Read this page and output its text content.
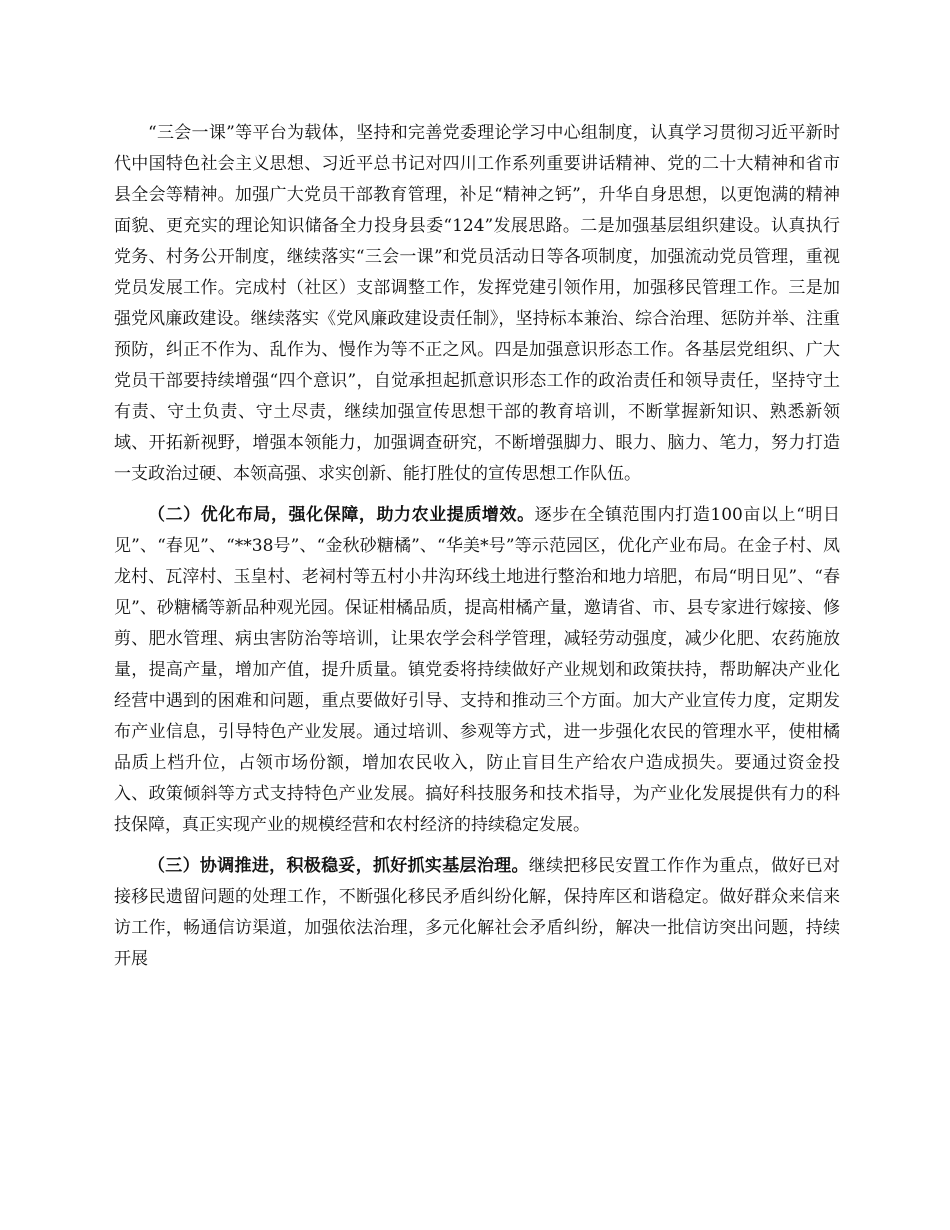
“三会一课”等平台为载体，坚持和完善党委理论学习中心组制度，认真学习贯彻习近平新时代中国特色社会主义思想、习近平总书记对四川工作系列重要讲话精神、党的二十大精神和省市县全会等精神。加强广大党员干部教育管理，补足“精神之钙”，升华自身思想，以更饱满的精神面貌、更充实的理论知识储备全力投身县委“124”发展思路。二是加强基层组织建设。认真执行党务、村务公开制度，继续落实“三会一课”和党员活动日等各项制度，加强流动党员管理，重视党员发展工作。完成村（社区）支部调整工作，发挥党建引领作用，加强移民管理工作。三是加强党风廉政建设。继续落实《党风廉政建设责任制》，坚持标本兼治、综合治理、惩防并举、注重预防，纠正不作为、乱作为、慢作为等不正之风。四是加强意识形态工作。各基层党组织、广大党员干部要持续增强“四个意识”，自觉承担起抓意识形态工作的政治责任和领导责任，坚持守土有责、守土负责、守土尽责，继续加强宣传思想干部的教育培训，不断掌握新知识、熟悉新领域、开拓新视野，增强本领能力，加强调查研究，不断增强脚力、眼力、脑力、笔力，努力打造一支政治过硬、本领高强、求实创新、能打胜仗的宣传思想工作队伍。

（二）优化布局，强化保障，助力农业提质增效。逐步在全镇范围内打造100亩以上“明日见”、“春见”、“**38号”、“金秋砂糖橘”、“华美*号”等示范园区，优化产业布局。在金子村、凤龙村、瓦滓村、玉皇村、老祠村等五村小井沟环线土地进行整治和地力培肥，布局“明日见”、“春见”、砂糖橘等新品种观光园。保证柑橘品质，提高柑橘产量，邀请省、市、县专家进行嫁接、修剪、肥水管理、病虫害防治等培训，让果农学会科学管理，减轻劳动强度，减少化肥、农药施放量，提高产量，增加产值，提升质量。镇党委将持续做好产业规划和政策扶持，帮助解决产业化经营中遇到的困难和问题，重点要做好引导、支持和推动三个方面。加大产业宣传力度，定期发布产业信息，引导特色产业发展。通过培训、参观等方式，进一步强化农民的管理水平，使柑橘品质上档升位，占领市场份额，增加农民收入，防止盲目生产给农户造成损失。要通过资金投入、政策倾斜等方式支持特色产业发展。搞好科技服务和技术指导，为产业化发展提供有力的科技保障，真正实现产业的规模经营和农村经济的持续稳定发展。

（三）协调推进，积极稳妥，抓好抓实基层治理。继续把移民安置工作作为重点，做好已对接移民遗留问题的处理工作，不断强化移民矛盾纠纷化解，保持库区和谐稳定。做好群众来信来访工作，畅通信访渠道，加强依法治理，多元化解社会矛盾纠纷，解决一批信访突出问题，持续开展
